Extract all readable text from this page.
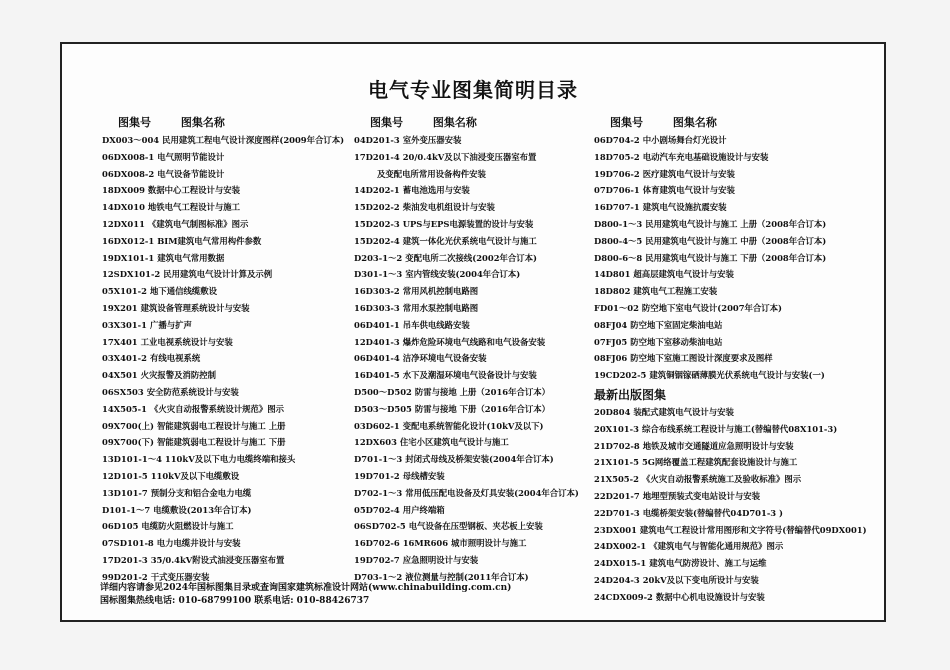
电气专业图集简明目录
图集号	图集名称
DX003～004 民用建筑工程电气设计深度图样(2009年合订本)
06DX008-1 电气照明节能设计
06DX008-2 电气设备节能设计
18DX009 数据中心工程设计与安装
14DX010 地铁电气工程设计与施工
12DX011 《建筑电气制图标准》图示
16DX012-1 BIM建筑电气常用构件参数
19DX101-1 建筑电气常用数据
12SDX101-2 民用建筑电气设计计算及示例
05X101-2 地下通信线缆敷设
19X201 建筑设备管理系统设计与安装
03X301-1 广播与扩声
17X401 工业电视系统设计与安装
03X401-2 有线电视系统
04X501 火灾报警及消防控制
06SX503 安全防范系统设计与安装
14X505-1 《火灾自动报警系统设计规范》图示
09X700(上) 智能建筑弱电工程设计与施工 上册
09X700(下) 智能建筑弱电工程设计与施工 下册
13D101-1～4 110kV及以下电力电缆终端和接头
12D101-5 110kV及以下电缆敷设
13D101-7 预制分支和铝合金电力电缆
D101-1～7 电缆敷设(2013年合订本)
06D105 电缆防火阻燃设计与施工
07SD101-8 电力电缆井设计与安装
17D201-3 35/0.4kV附设式油浸变压器室布置
99D201-2 干式变压器安装
图集号	图集名称
04D201-3 室外变压器安装
17D201-4 20/0.4kV及以下油浸变压器室布置
及变配电所常用设备构件安装
14D202-1 蓄电池选用与安装
15D202-2 柴油发电机组设计与安装
15D202-3 UPS与EPS电源装置的设计与安装
15D202-4 建筑一体化光伏系统电气设计与施工
D203-1～2 变配电所二次接线(2002年合订本)
D301-1～3 室内管线安装(2004年合订本)
16D303-2 常用风机控制电路图
16D303-3 常用水泵控制电路图
06D401-1 吊车供电线路安装
12D401-3 爆炸危险环境电气线路和电气设备安装
06D401-4 洁净环境电气设备安装
16D401-5 水下及潮湿环境电气设备设计与安装
D500～D502 防雷与接地 上册（2016年合订本）
D503～D505 防雷与接地 下册（2016年合订本）
03D602-1 变配电系统智能化设计(10kV及以下)
12DX603 住宅小区建筑电气设计与施工
D701-1～3 封闭式母线及桥架安装(2004年合订本)
19D701-2 母线槽安装
D702-1～3 常用低压配电设备及灯具安装(2004年合订本)
05D702-4 用户终端箱
06SD702-5 电气设备在压型钢板、夹芯板上安装
16D702-6 16MR606 城市照明设计与施工
19D702-7 应急照明设计与安装
D703-1～2 液位测量与控制(2011年合订本)
图集号	图集名称
06D704-2 中小剧场舞台灯光设计
18D705-2 电动汽车充电基础设施设计与安装
19D706-2 医疗建筑电气设计与安装
07D706-1 体育建筑电气设计与安装
16D707-1 建筑电气设施抗震安装
D800-1～3 民用建筑电气设计与施工 上册（2008年合订本)
D800-4～5 民用建筑电气设计与施工 中册（2008年合订本)
D800-6～8 民用建筑电气设计与施工 下册（2008年合订本)
14D801 超高层建筑电气设计与安装
18D802 建筑电气工程施工安装
FD01～02 防空地下室电气设计(2007年合订本)
08FJ04 防空地下室固定柴油电站
07FJ05 防空地下室移动柴油电站
08FJ06 防空地下室施工图设计深度要求及图样
19CD202-5 建筑铜铟镓硒薄膜光伏系统电气设计与安装(一)
最新出版图集
20D804 装配式建筑电气设计与安装
20X101-3 综合布线系统工程设计与施工(替编替代08X101-3)
21D702-8 地铁及城市交通隧道应急照明设计与安装
21X101-5 5G网络覆盖工程建筑配套设施设计与施工
21X505-2 《火灾自动报警系统施工及验收标准》图示
22D201-7 地埋型预装式变电站设计与安装
22D701-3 电缆桥架安装(替编替代04D701-3 )
23DX001 建筑电气工程设计常用图形和文字符号(替编替代09DX001)
24DX002-1 《建筑电气与智能化通用规范》图示
24DX015-1 建筑电气防涝设计、施工与运维
24D204-3 20kV及以下变电所设计与安装
24CDX009-2 数据中心机电设施设计与安装
详细内容请参见2024年国标图集目录或查询国家建筑标准设计网站(www.chinabuilding.com.cn)
国标图集热线电话: 010-68799100 联系电话: 010-88426737
